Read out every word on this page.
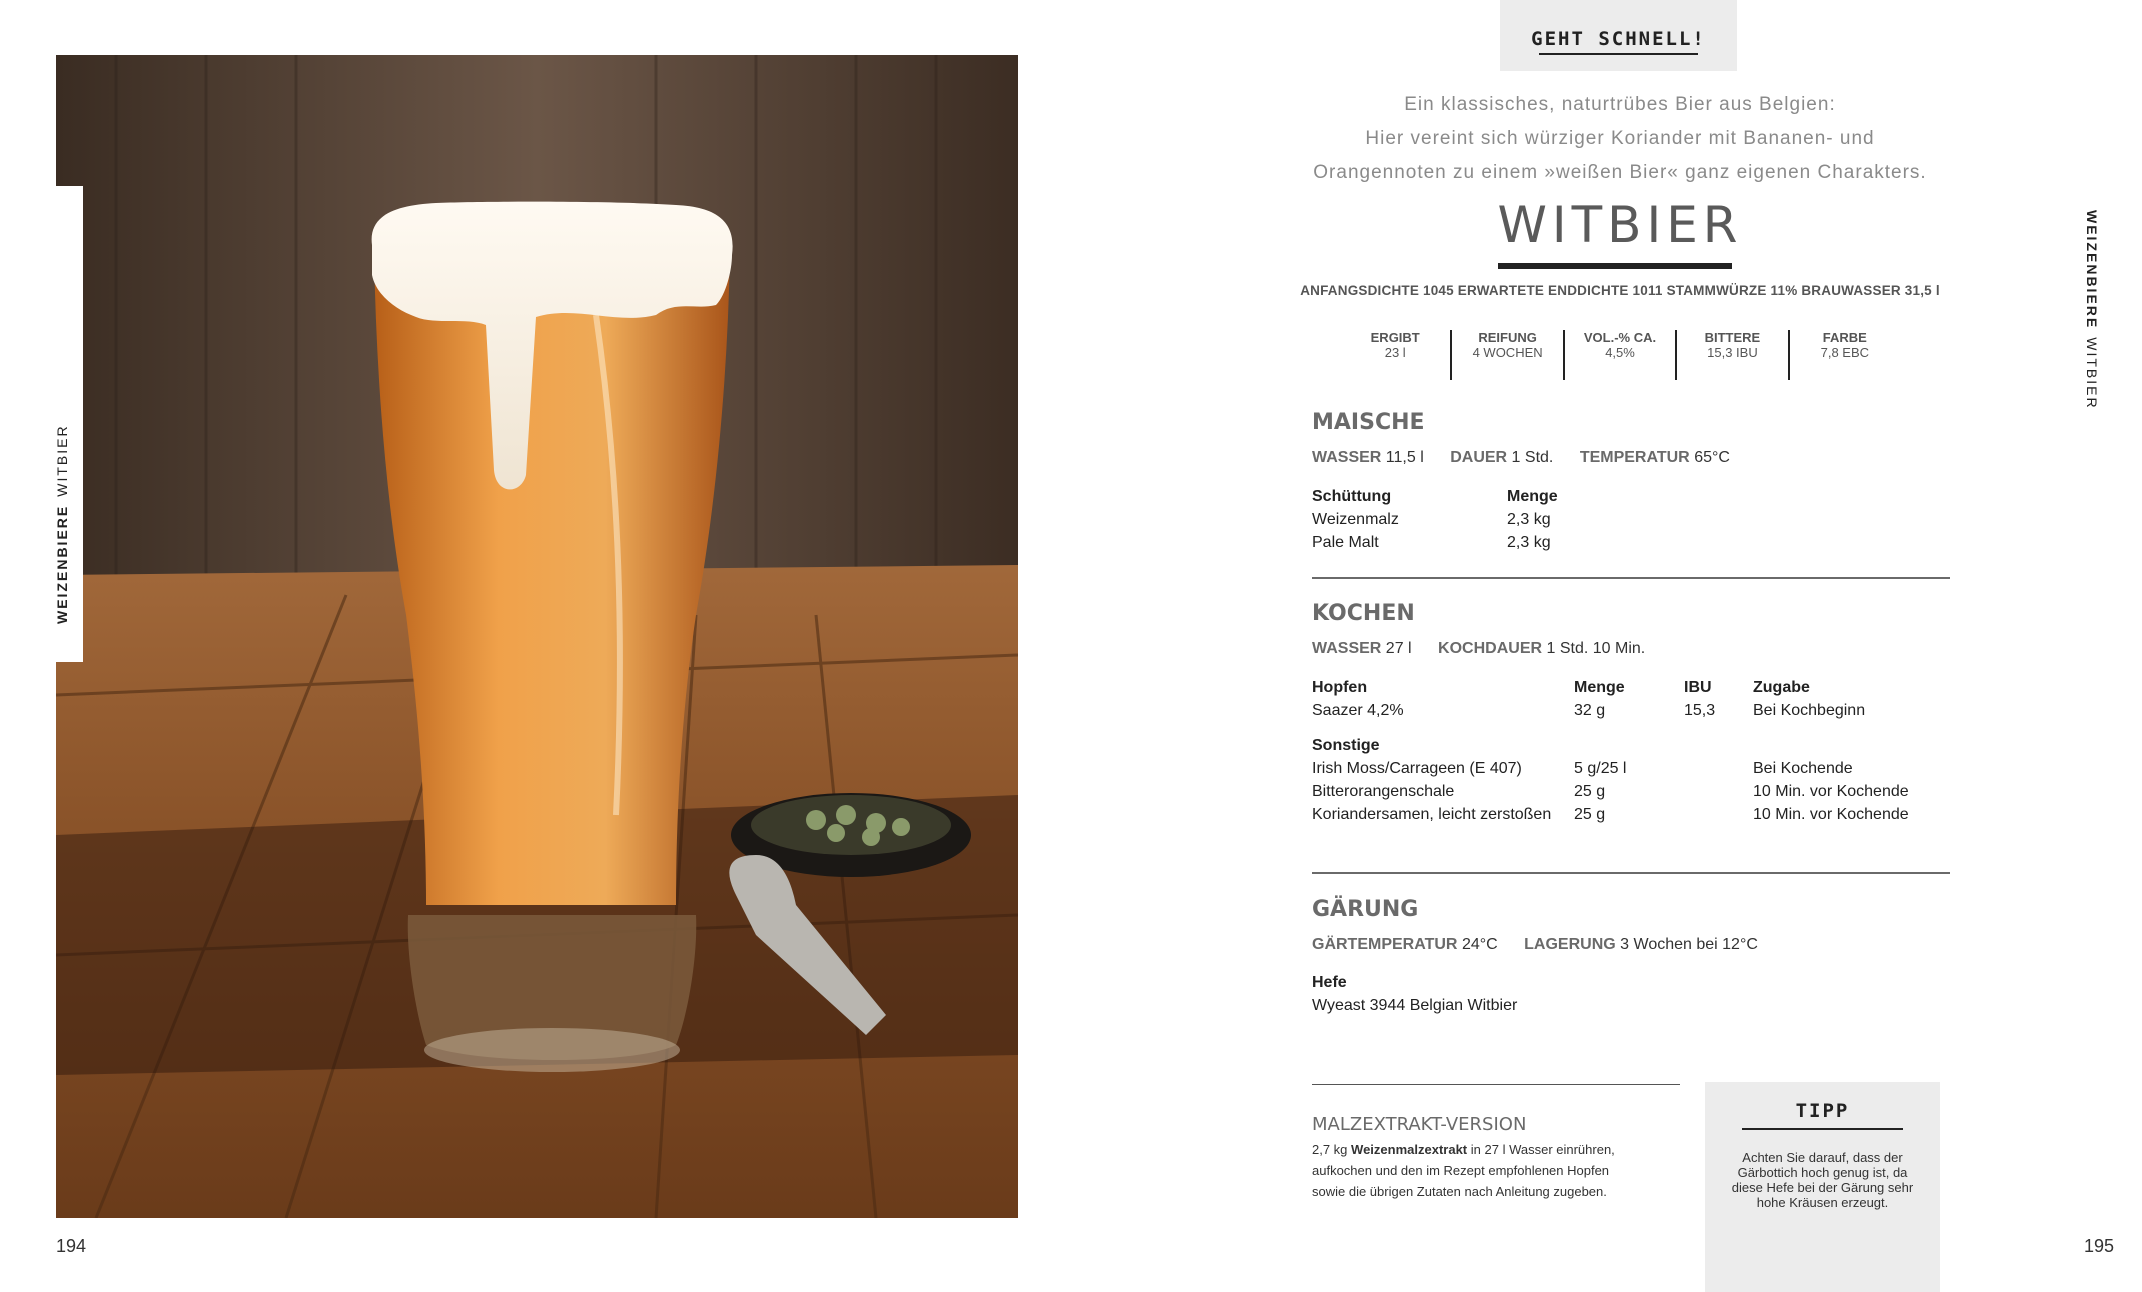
WEIZENBIEREWITBIER
194
GEHT SCHNELL!
Ein klassisches, naturtrübes Bier aus Belgien:
Hier vereint sich würziger Koriander mit Bananen- und
Orangennoten zu einem »weißen Bier« ganz eigenen Charakters.
WITBIER
ANFANGSDICHTE 1045 ERWARTETE ENDDICHTE 1011 STAMMWÜRZE 11% BRAUWASSER 31,5 l
ERGIBT
23 l
REIFUNG
4 WOCHEN
VOL.-% CA.
4,5%
BITTERE
15,3 IBU
FARBE
7,8 EBC
MAISCHE
WASSER 11,5 l DAUER 1 Std. TEMPERATUR 65°C
Schüttung	Menge
Weizenmalz	2,3 kg
Pale Malt	2,3 kg
KOCHEN
WASSER 27 l KOCHDAUER 1 Std. 10 Min.
Hopfen	Menge	IBU	Zugabe
Saazer 4,2%	32 g	15,3 Bei Kochbeginn
Sonstige
Irish Moss/Carrageen (E 407)	5 g/25 l	Bei Kochende
Bitterorangenschale	25 g	10 Min. vor Kochende
Koriandersamen, leicht zerstoßen 25 g	10 Min. vor Kochende
GÄRUNG
GÄRTEMPERATUR 24°C LAGERUNG 3 Wochen bei 12°C
Hefe
Wyeast 3944 Belgian Witbier
MALZEXTRAKT-VERSION
2,7 kg Weizenmalzextrakt in 27 l Wasser einrühren,
aufkochen und den im Rezept empfohlenen Hopfen
sowie die übrigen Zutaten nach Anleitung zugeben.
TIPP
Achten Sie darauf, dass der Gärbottich hoch genug ist, da diese Hefe bei der Gärung sehr hohe Kräusen erzeugt.
WEIZENBIEREWITBIER
195
